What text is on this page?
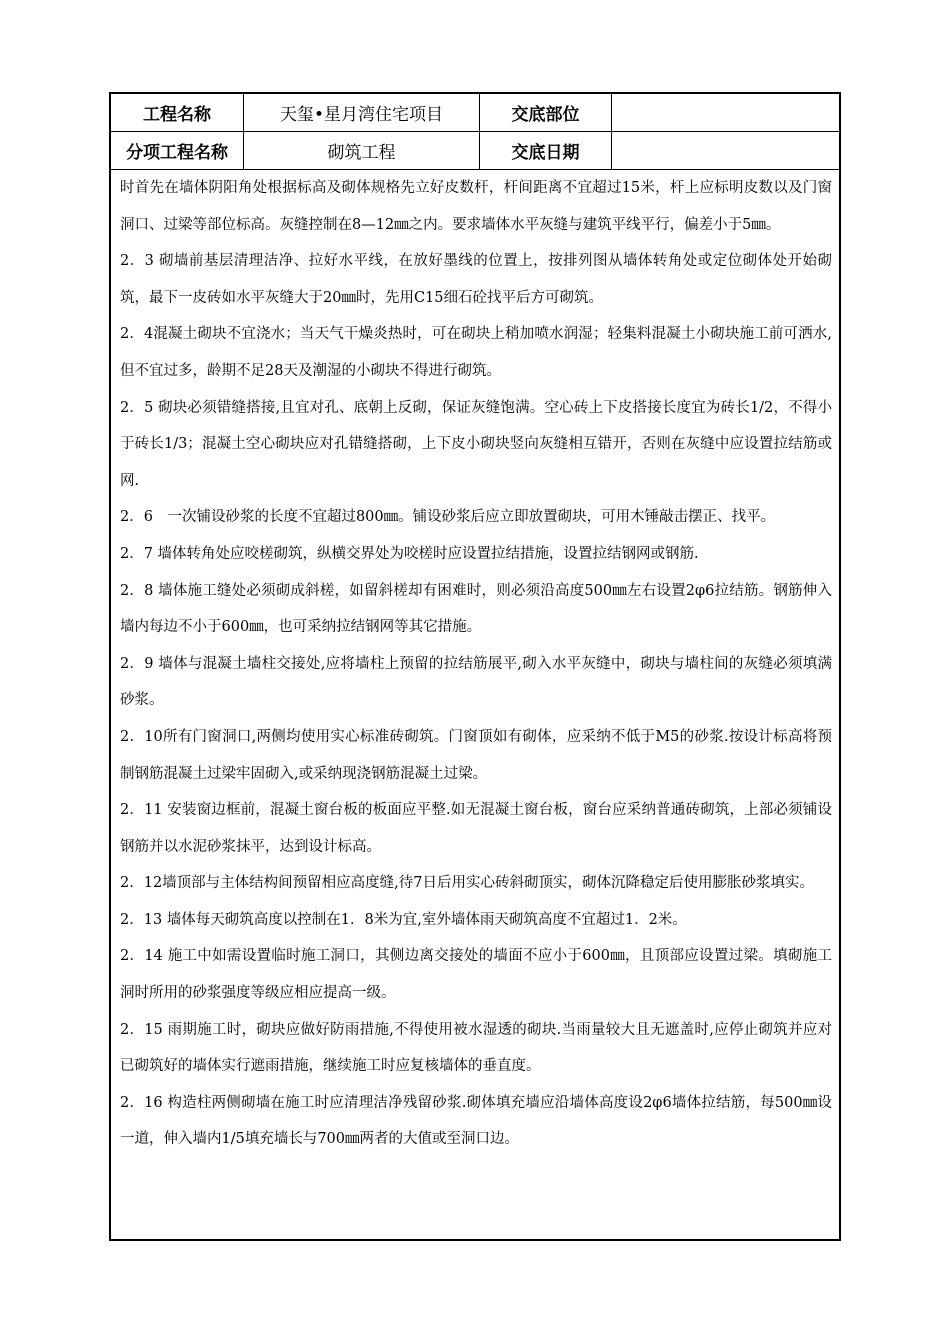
工程名称	天玺•星月湾住宅项目	交底部位
分项工程名称	砌筑工程	交底日期

时首先在墙体阴阳角处根据标高及砌体规格先立好皮数杆，杆间距离不宜超过15米，杆上应标明皮数以及门窗洞口、过梁等部位标高。灰缝控制在8—12㎜之内。要求墙体水平灰缝与建筑平线平行，偏差小于5㎜。

2．3 砌墙前基层清理洁净、拉好水平线，在放好墨线的位置上，按排列图从墙体转角处或定位砌体处开始砌筑，最下一皮砖如水平灰缝大于20㎜时，先用C15细石砼找平后方可砌筑。

2．4混凝土砌块不宜浇水；当天气干燥炎热时，可在砌块上稍加喷水润湿；轻集料混凝土小砌块施工前可洒水,但不宜过多，龄期不足28天及潮湿的小砌块不得进行砌筑。

2．5 砌块必须错缝搭接,且宜对孔、底朝上反砌，保证灰缝饱满。空心砖上下皮搭接长度宜为砖长1/2，不得小于砖长1/3；混凝土空心砌块应对孔错缝搭砌，上下皮小砌块竖向灰缝相互错开，否则在灰缝中应设置拉结筋或网.

2．6　一次铺设砂浆的长度不宜超过800㎜。铺设砂浆后应立即放置砌块，可用木锤敲击摆正、找平。

2．7 墙体转角处应咬槎砌筑，纵横交界处为咬槎时应设置拉结措施，设置拉结钢网或钢筋.

2．8 墙体施工缝处必须砌成斜槎，如留斜槎却有困难时，则必须沿高度500㎜左右设置2φ6拉结筋。钢筋伸入墙内每边不小于600㎜，也可采纳拉结钢网等其它措施。

2．9 墙体与混凝土墙柱交接处,应将墙柱上预留的拉结筋展平,砌入水平灰缝中，砌块与墙柱间的灰缝必须填满砂浆。

2．10所有门窗洞口,两侧均使用实心标准砖砌筑。门窗顶如有砌体，应采纳不低于M5的砂浆.按设计标高将预制钢筋混凝土过梁牢固砌入,或采纳现浇钢筋混凝土过梁。

2．11 安装窗边框前，混凝土窗台板的板面应平整.如无混凝土窗台板，窗台应采纳普通砖砌筑，上部必须铺设钢筋并以水泥砂浆抹平，达到设计标高。

2．12墙顶部与主体结构间预留相应高度缝,待7日后用实心砖斜砌顶实，砌体沉降稳定后使用膨胀砂浆填实。

2．13 墙体每天砌筑高度以控制在1．8米为宜,室外墙体雨天砌筑高度不宜超过1．2米。

2．14 施工中如需设置临时施工洞口，其侧边离交接处的墙面不应小于600㎜，且顶部应设置过梁。填砌施工洞时所用的砂浆强度等级应相应提高一级。

2．15 雨期施工时，砌块应做好防雨措施,不得使用被水湿透的砌块.当雨量较大且无遮盖时,应停止砌筑并应对已砌筑好的墙体实行遮雨措施，继续施工时应复核墙体的垂直度。

2．16 构造柱两侧砌墙在施工时应清理洁净残留砂浆.砌体填充墙应沿墙体高度设2φ6墙体拉结筋，每500㎜设一道，伸入墙内1/5填充墙长与700㎜两者的大值或至洞口边。
